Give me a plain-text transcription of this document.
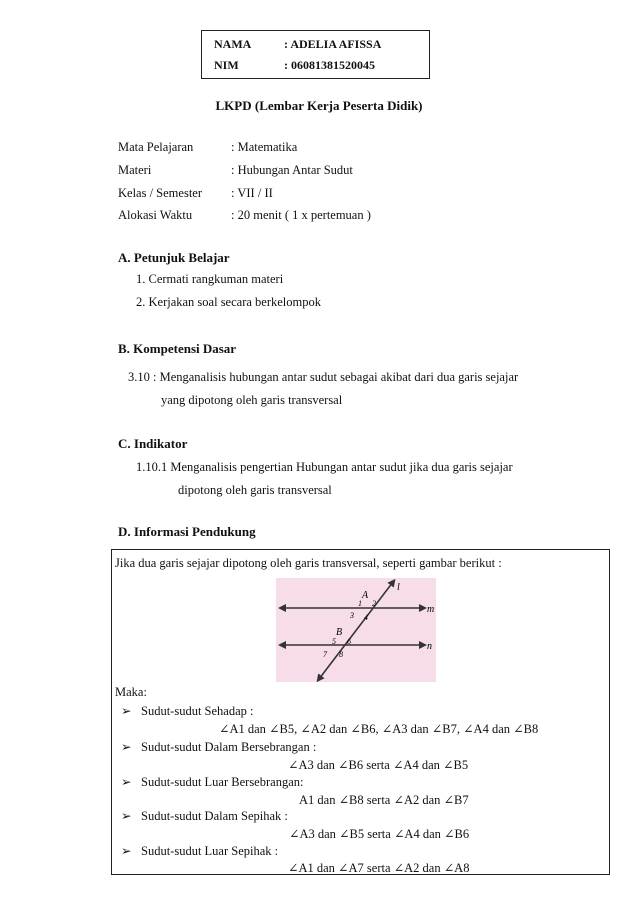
NAMA	: ADELIA AFISSA
NIM	: 06081381520045
LKPD (Lembar Kerja Peserta Didik)
Mata Pelajaran	: Matematika
Materi	: Hubungan Antar Sudut
Kelas / Semester : VII / II
Alokasi Waktu	: 20 menit ( 1 x pertemuan )
A. Petunjuk Belajar
1. Cermati rangkuman materi
2. Kerjakan soal secara berkelompok
B. Kompetensi Dasar
3.10 : Menganalisis hubungan antar sudut sebagai akibat dari dua garis sejajar
yang dipotong oleh garis transversal
C. Indikator
1.10.1 Menganalisis pengertian Hubungan antar sudut jika dua garis sejajar
dipotong oleh garis transversal
D. Informasi Pendukung
Jika dua garis sejajar dipotong oleh garis transversal, seperti gambar berikut :
l
m
n
A
B
1 2
3 4
5 6
7 8
Maka:
➢ Sudut-sudut Sehadap :
∠A1 dan ∠B5, ∠A2 dan ∠B6, ∠A3 dan ∠B7, ∠A4 dan ∠B8
➢ Sudut-sudut Dalam Bersebrangan :
∠A3 dan ∠B6 serta ∠A4 dan ∠B5
➢ Sudut-sudut Luar Bersebrangan:
A1 dan ∠B8 serta ∠A2 dan ∠B7
➢ Sudut-sudut Dalam Sepihak :
∠A3 dan ∠B5 serta ∠A4 dan ∠B6
➢ Sudut-sudut Luar Sepihak :
∠A1 dan ∠A7 serta ∠A2 dan ∠A8
